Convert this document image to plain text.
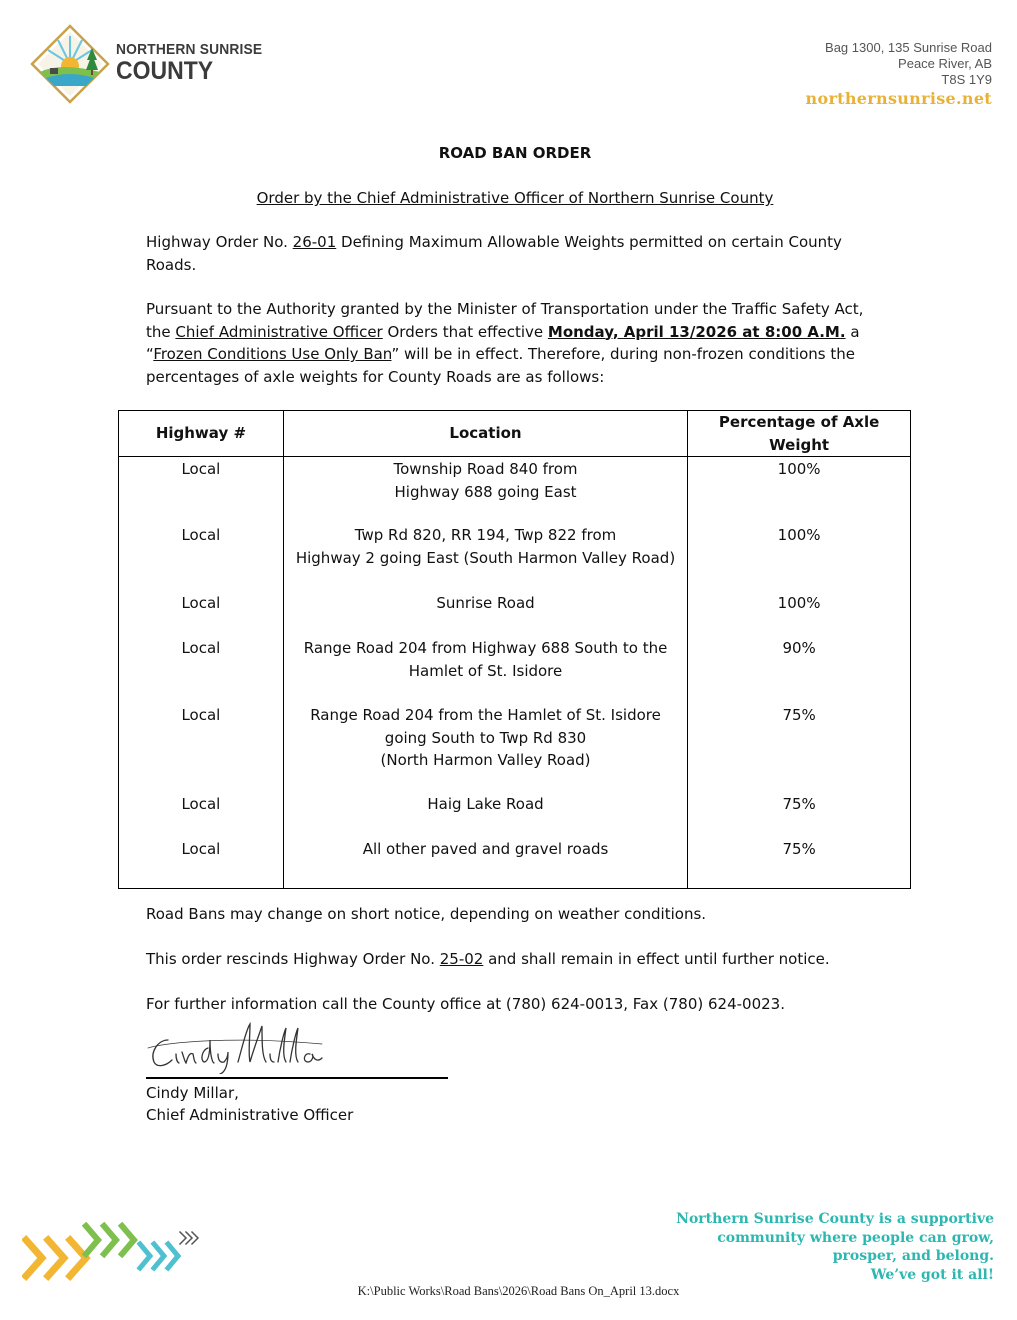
NORTHERN SUNRISE
COUNTY
Bag 1300, 135 Sunrise Road
Peace River, AB
T8S 1Y9
northernsunrise.net
ROAD BAN ORDER
Order by the Chief Administrative Officer of Northern Sunrise County
Highway Order No. 26-01 Defining Maximum Allowable Weights permitted on certain County
Roads.
Pursuant to the Authority granted by the Minister of Transportation under the Traffic Safety Act,
the Chief Administrative Officer Orders that effective Monday, April 13/2026 at 8:00 A.M. a
“Frozen Conditions Use Only Ban” will be in effect. Therefore, during non-frozen conditions the
percentages of axle weights for County Roads are as follows:
Highway #	Location	Percentage of Axle Weight
Local	Township Road 840 from
Highway 688 going East	100%
Local	Twp Rd 820, RR 194, Twp 822 from
Highway 2 going East (South Harmon Valley Road)	100%
Local	Sunrise Road	100%
Local	Range Road 204 from Highway 688 South to the
Hamlet of St. Isidore	90%
Local	Range Road 204 from the Hamlet of St. Isidore
going South to Twp Rd 830
(North Harmon Valley Road)	75%
Local	Haig Lake Road	75%
Local	All other paved and gravel roads	75%
Road Bans may change on short notice, depending on weather conditions.
This order rescinds Highway Order No. 25-02 and shall remain in effect until further notice.
For further information call the County office at (780) 624-0013, Fax (780) 624-0023.
Cindy Millar,
Chief Administrative Officer
Northern Sunrise County is a supportive
community where people can grow,
prosper, and belong.
We’ve got it all!
K:\Public Works\Road Bans\2026\Road Bans On_April 13.docx
